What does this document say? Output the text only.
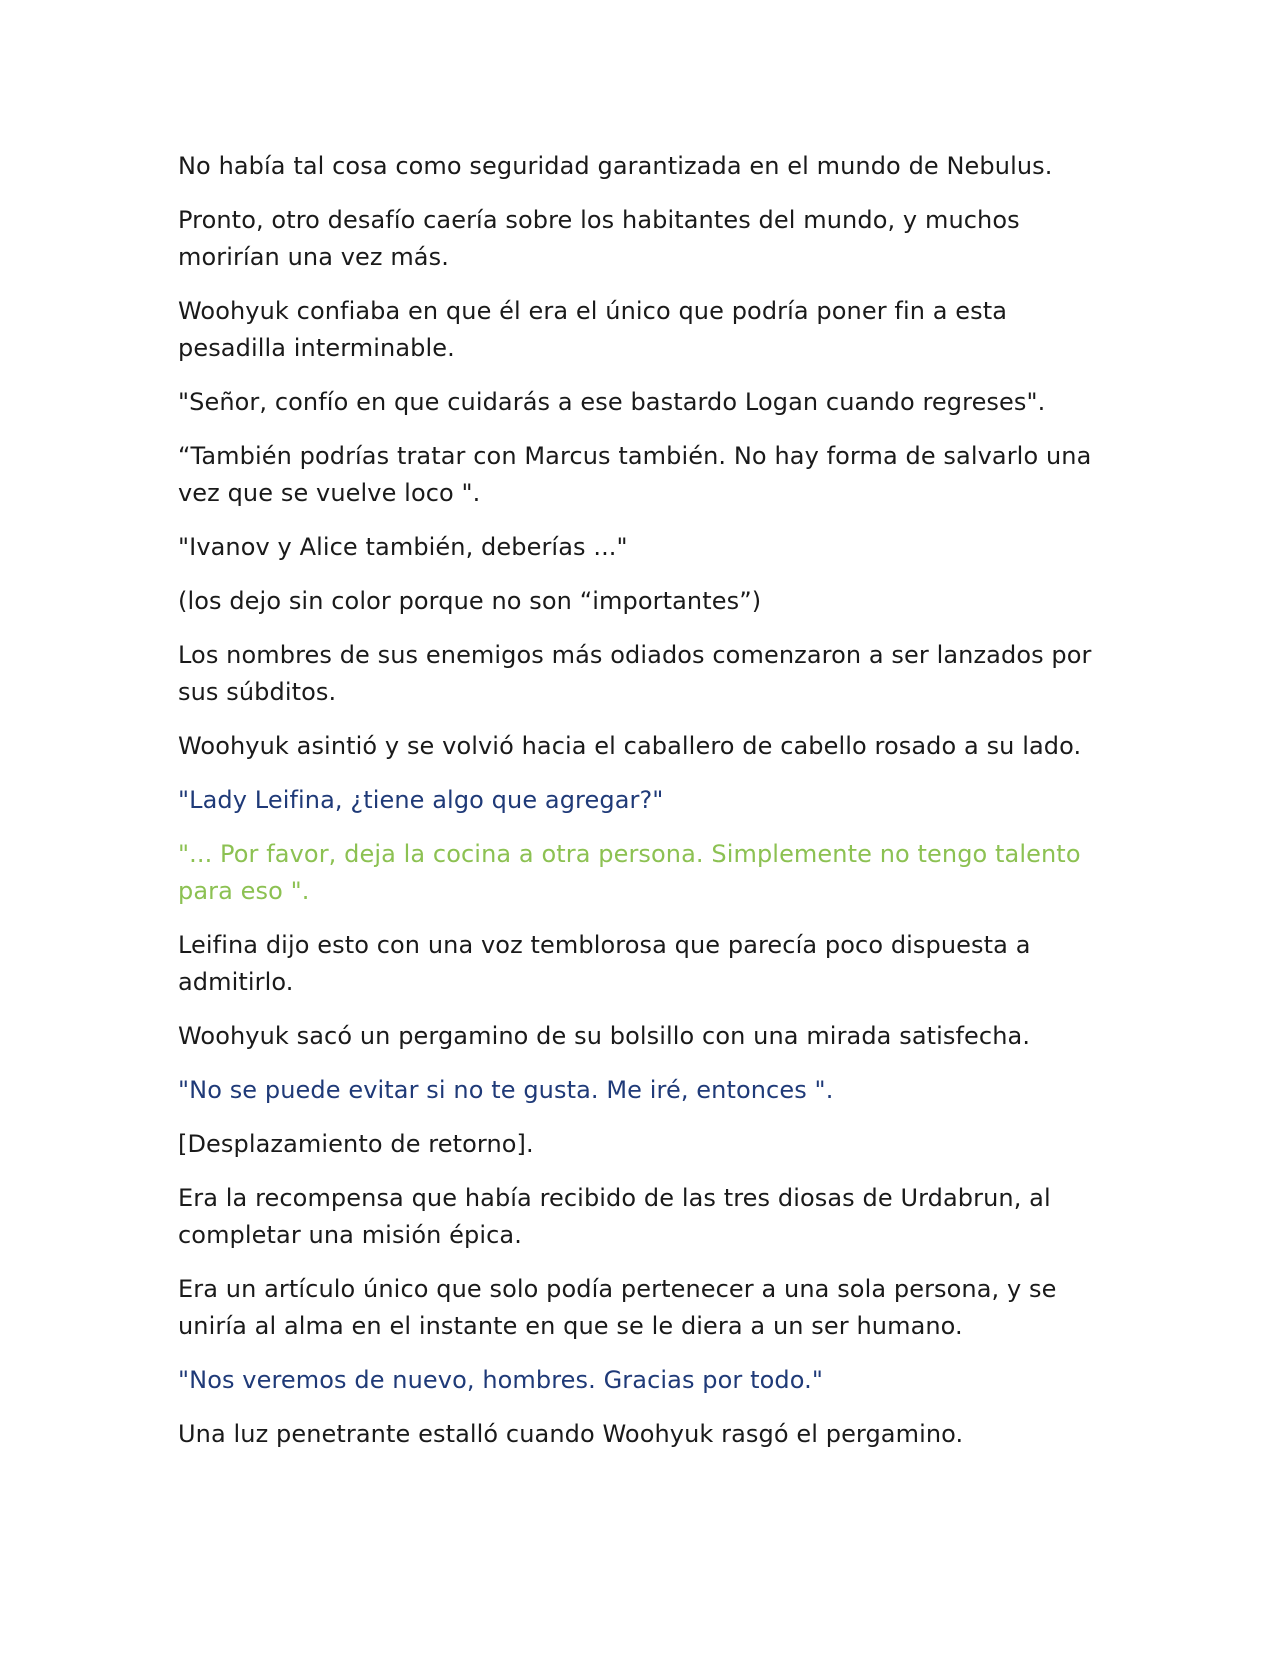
No había tal cosa como seguridad garantizada en el mundo de Nebulus.

Pronto, otro desafío caería sobre los habitantes del mundo, y muchos morirían una vez más.

Woohyuk confiaba en que él era el único que podría poner fin a esta pesadilla interminable.

"Señor, confío en que cuidarás a ese bastardo Logan cuando regreses".

“También podrías tratar con Marcus también. No hay forma de salvarlo una vez que se vuelve loco ".

"Ivanov y Alice también, deberías ..."

(los dejo sin color porque no son “importantes”)

Los nombres de sus enemigos más odiados comenzaron a ser lanzados por sus súbditos.

Woohyuk asintió y se volvió hacia el caballero de cabello rosado a su lado.

"Lady Leifina, ¿tiene algo que agregar?"

"... Por favor, deja la cocina a otra persona. Simplemente no tengo talento para eso ".

Leifina dijo esto con una voz temblorosa que parecía poco dispuesta a admitirlo.

Woohyuk sacó un pergamino de su bolsillo con una mirada satisfecha.

"No se puede evitar si no te gusta. Me iré, entonces ".

[Desplazamiento de retorno].

Era la recompensa que había recibido de las tres diosas de Urdabrun, al completar una misión épica.

Era un artículo único que solo podía pertenecer a una sola persona, y se uniría al alma en el instante en que se le diera a un ser humano.

"Nos veremos de nuevo, hombres. Gracias por todo."

Una luz penetrante estalló cuando Woohyuk rasgó el pergamino.
